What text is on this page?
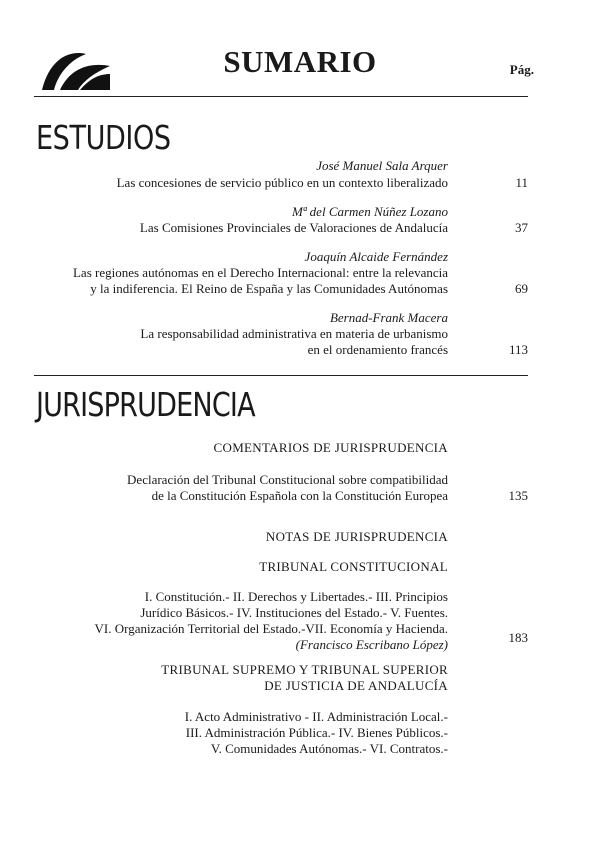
SUMARIO	Pág.
ESTUDIOS
José Manuel Sala Arquer
Las concesiones de servicio público en un contexto liberalizado	11
Mª del Carmen Núñez Lozano
Las Comisiones Provinciales de Valoraciones de Andalucía	37
Joaquín Alcaide Fernández
Las regiones autónomas en el Derecho Internacional: entre la relevancia
y la indiferencia. El Reino de España y las Comunidades Autónomas	69
Bernad-Frank Macera
La responsabilidad administrativa en materia de urbanismo
en el ordenamiento francés	113
JURISPRUDENCIA
COMENTARIOS DE JURISPRUDENCIA
Declaración del Tribunal Constitucional sobre compatibilidad
de la Constitución Española con la Constitución Europea	135
NOTAS DE JURISPRUDENCIA
TRIBUNAL CONSTITUCIONAL
I. Constitución.- II. Derechos y Libertades.- III. Principios
Jurídico Básicos.- IV. Instituciones del Estado.- V. Fuentes.
VI. Organización Territorial del Estado.-VII. Economía y Hacienda.
(Francisco Escribano López)	183
TRIBUNAL SUPREMO Y TRIBUNAL SUPERIOR
DE JUSTICIA DE ANDALUCÍA
I. Acto Administrativo - II. Administración Local.-
III. Administración Pública.- IV. Bienes Públicos.-
V. Comunidades Autónomas.- VI. Contratos.-
